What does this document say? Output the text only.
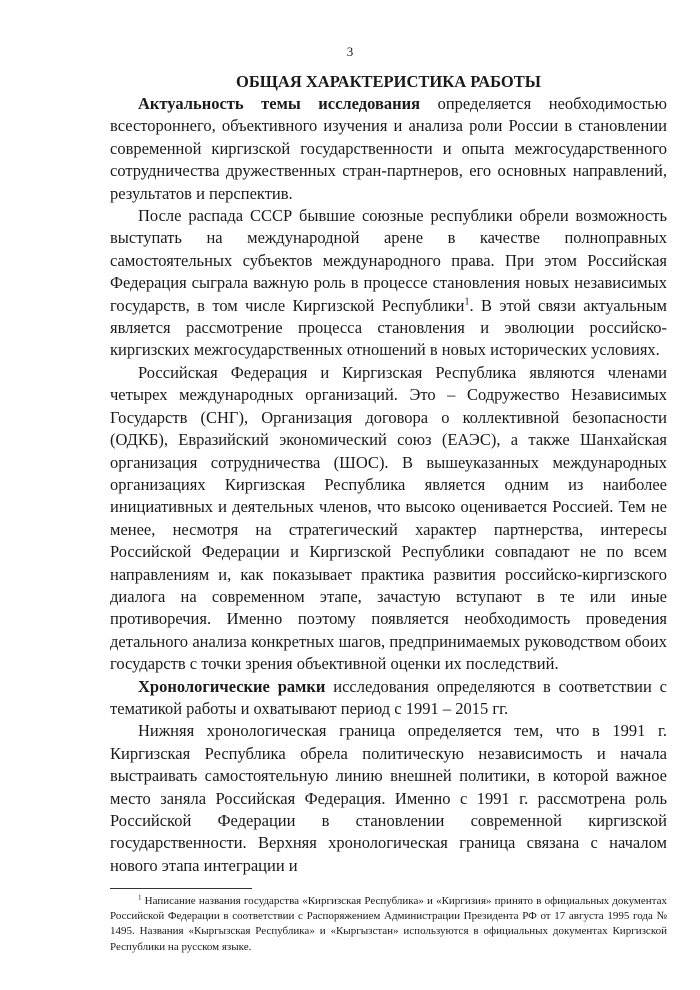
3

ОБЩАЯ ХАРАКТЕРИСТИКА РАБОТЫ

Актуальность темы исследования определяется необходимостью всестороннего, объективного изучения и анализа роли России в становлении современной киргизской государственности и опыта межгосударственного сотрудничества дружественных стран-партнеров, его основных направлений, результатов и перспектив.

После распада СССР бывшие союзные республики обрели возможность выступать на международной арене в качестве полноправных самостоятельных субъектов международного права. При этом Российская Федерация сыграла важную роль в процессе становления новых независимых государств, в том числе Киргизской Республики$^1$. В этой связи актуальным является рассмотрение процесса становления и эволюции российско-киргизских межгосударственных отношений в новых исторических условиях.

Российская Федерация и Киргизская Республика являются членами четырех международных организаций. Это – Содружество Независимых Государств (СНГ), Организация договора о коллективной безопасности (ОДКБ), Евразийский экономический союз (ЕАЭС), а также Шанхайская организация сотрудничества (ШОС). В вышеуказанных международных организациях Киргизская Республика является одним из наиболее инициативных и деятельных членов, что высоко оценивается Россией. Тем не менее, несмотря на стратегический характер партнерства, интересы Российской Федерации и Киргизской Республики совпадают не по всем направлениям и, как показывает практика развития российско-киргизского диалога на современном этапе, зачастую вступают в те или иные противоречия. Именно поэтому появляется необходимость проведения детального анализа конкретных шагов, предпринимаемых руководством обоих государств с точки зрения объективной оценки их последствий.

Хронологические рамки исследования определяются в соответствии с тематикой работы и охватывают период с 1991 – 2015 гг.

Нижняя хронологическая граница определяется тем, что в 1991 г. Киргизская Республика обрела политическую независимость и начала выстраивать самостоятельную линию внешней политики, в которой важное место заняла Российская Федерация. Именно с 1991 г. рассмотрена роль Российской Федерации в становлении современной киргизской государственности. Верхняя хронологическая граница связана с началом нового этапа интеграции и

$^1$ Написание названия государства «Киргизская Республика» и «Киргизия» принято в официальных документах Российской Федерации в соответствии с Распоряжением Администрации Президента РФ от 17 августа 1995 года № 1495. Названия «Кыргызская Республика» и «Кыргызстан» используются в официальных документах Киргизской Республики на русском языке.
